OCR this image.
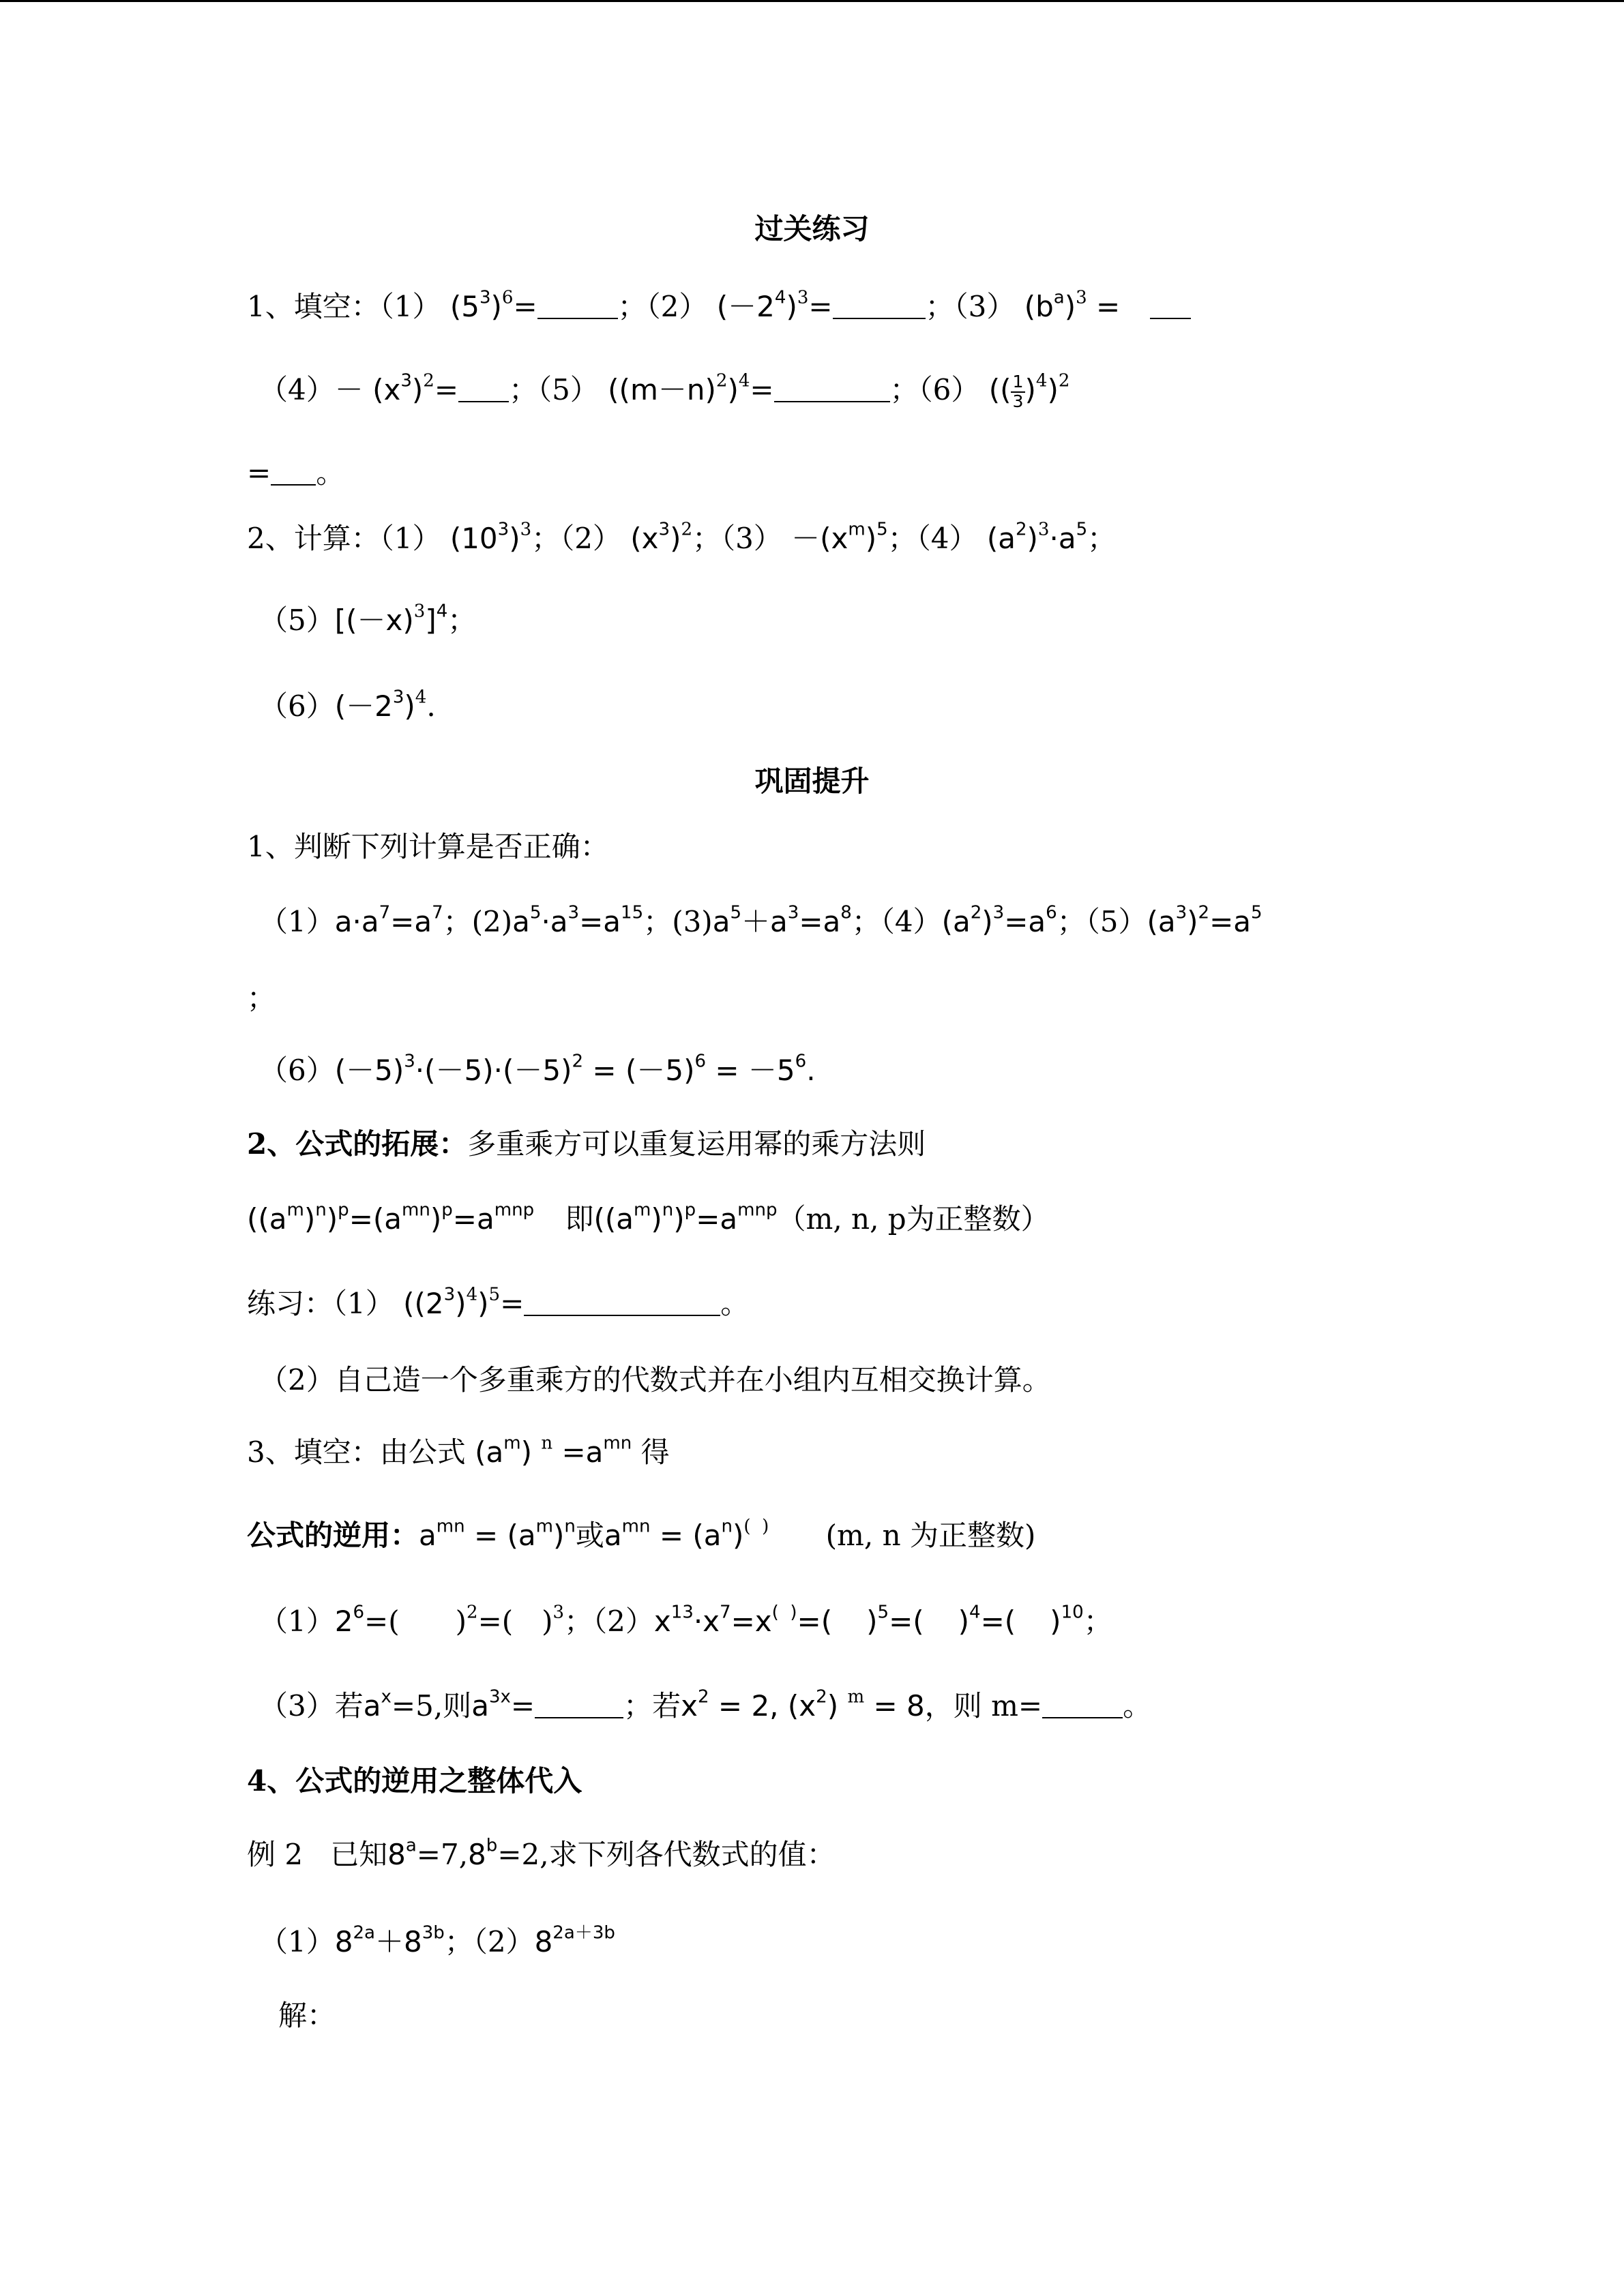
过关练习
1、填空：（1） $(5^3)^6=$	；（2） $(-2^4)^3=$	；（3） $(b^a)^3$ =
$(4)- (x^3)^2=$ ；（5） $((m-n)^2)^4=$	；（6） (( $\frac{1}{3} )^4)^2$
= 。
2、计算：（1） $(10^3)^3$；（2） $(x^3)^2$；$(3) -(x^m)^5$；（4） $(a^2)^3\cdot a^5$；
$(5)[(-x)^3]^4$；
$(6)(-2^3)^4$.
巩固提升
1、判断下列计算是否正确：
$(1)a\cdot a^7=a^7$；$(2)a^5\cdot a^3=a^{15}$；$(3)a^5+a^3=a^8$；$(4)(a^2)^3=a^6$；$(5)(a^3)^2=a^5$
；
$(6)(-5)^3\cdot(-5)\cdot(-5)^2 = (-5)^6 = -5^6$.
2、公式的拓展：多重乘方可以重复运用幂的乘方法则
$((a^m)^n)^p=(a^{mn})^p=a^{mnp}$ 即$((a^m)^n)^p=a^{mnp}(m$, n, p为正整数）
练习：（1） $((2^3)^4)^5=$	。
（2）自己造一个多重乘方的代数式并在小组内互相交换计算。
3、填空：由公式 $(a^m)$ $^n =a^{mn}$ 得
公式的逆用：$a^{mn} = (a^m)^n$或$a^{mn} = (a^n)^{( )}$ (m, n 为正整数)
$(1)2^6=$( )$^2$=( )$^3$；$(2)x^{13}\cdot x^7=x^{( )}=$( )$^5$=( )$^4$=( )$^{10}$；
（3）若$a^x=5$,则$a^{3x}=$	；若$x^2 = 2$, $(x^2) ^m = 8$，则 m=	。
4、公式的逆用之整体代入
例 2 已知$8^a=7,8^b=2$,求下列各代数式的值：
$(1)8^{2a}+8^{3b}$；$(2)8^{2a+3b}$
解：
